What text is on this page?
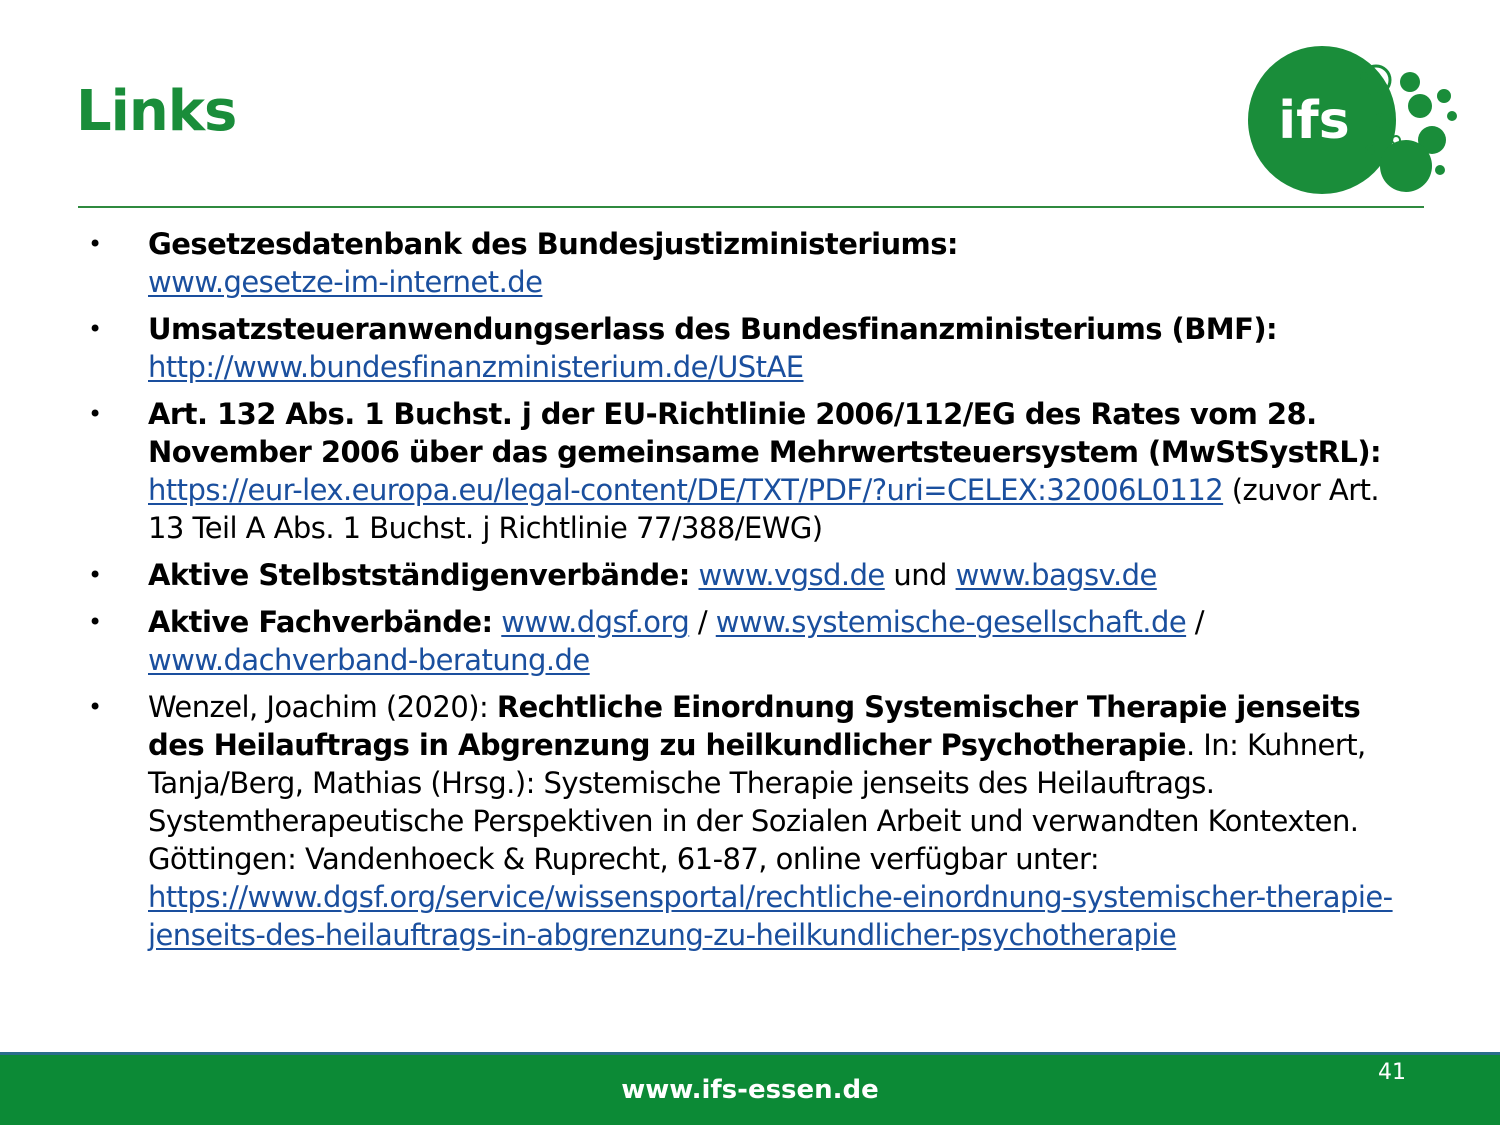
Links	ifs
• Gesetzesdatenbank des Bundesjustizministeriums:
www.gesetze-im-internet.de
• Umsatzsteueranwendungserlass des Bundesfinanzministeriums (BMF):
http://www.bundesfinanzministerium.de/UStAE
• Art. 132 Abs. 1 Buchst. j der EU-Richtlinie 2006/112/EG des Rates vom 28. November 2006 über das gemeinsame Mehrwertsteuersystem (MwStSystRL): https://eur-lex.europa.eu/legal-content/DE/TXT/PDF/?uri=CELEX:32006L0112 (zuvor Art. 13 Teil A Abs. 1 Buchst. j Richtlinie 77/388/EWG)
• Aktive Stelbstständigenverbände: www.vgsd.de und www.bagsv.de
• Aktive Fachverbände: www.dgsf.org / www.systemische-gesellschaft.de / www.dachverband-beratung.de
• Wenzel, Joachim (2020): Rechtliche Einordnung Systemischer Therapie jenseits des Heilauftrags in Abgrenzung zu heilkundlicher Psychotherapie. In: Kuhnert, Tanja/Berg, Mathias (Hrsg.): Systemische Therapie jenseits des Heilauftrags. Systemtherapeutische Perspektiven in der Sozialen Arbeit und verwandten Kontexten. Göttingen: Vandenhoeck & Ruprecht, 61-87, online verfügbar unter: https://www.dgsf.org/service/wissensportal/rechtliche-einordnung-systemischer-therapie-jenseits-des-heilauftrags-in-abgrenzung-zu-heilkundlicher-psychotherapie
www.ifs-essen.de
41
